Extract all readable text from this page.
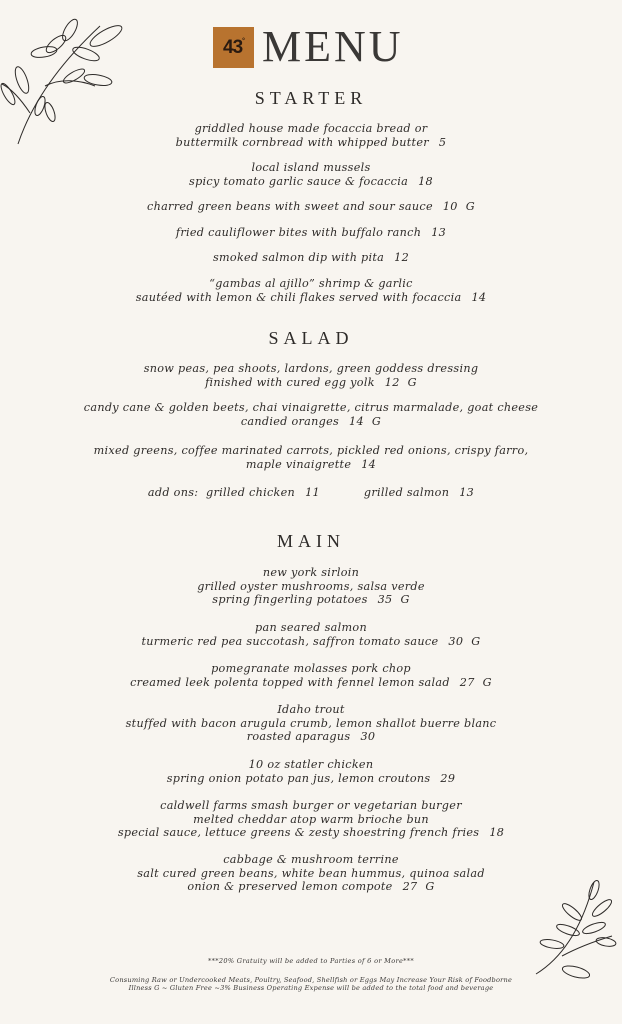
43° MENU
STARTER
SALAD
MAIN
griddled house made focaccia bread or
buttermilk cornbread with whipped butter 5
local island mussels
spicy tomato garlic sauce & focaccia 18
charred green beans with sweet and sour sauce 10 G
fried cauliflower bites with buffalo ranch 13
smoked salmon dip with pita 12
“gambas al ajillo” shrimp & garlic
sautéed with lemon & chili flakes served with focaccia 14
snow peas, pea shoots, lardons, green goddess dressing
finished with cured egg yolk 12 G
candy cane & golden beets, chai vinaigrette, citrus marmalade, goat cheese
candied oranges 14 G
mixed greens, coffee marinated carrots, pickled red onions, crispy farro,
maple vinaigrette 14
add ons: grilled chicken 11	grilled salmon 13
new york sirloin
grilled oyster mushrooms, salsa verde
spring fingerling potatoes 35 G
pan seared salmon
turmeric red pea succotash, saffron tomato sauce 30 G
pomegranate molasses pork chop
creamed leek polenta topped with fennel lemon salad 27 G
Idaho trout
stuffed with bacon arugula crumb, lemon shallot buerre blanc
roasted aparagus 30
10 oz statler chicken
spring onion potato pan jus, lemon croutons 29
caldwell farms smash burger or vegetarian burger
melted cheddar atop warm brioche bun
special sauce, lettuce greens & zesty shoestring french fries 18
cabbage & mushroom terrine
salt cured green beans, white bean hummus, quinoa salad
onion & preserved lemon compote 27 G
***20% Gratuity will be added to Parties of 6 or More***
Consuming Raw or Undercooked Meats, Poultry, Seafood, Shellfish or Eggs May Increase Your Risk of Foodborne
Illness G ~ Gluten Free ~3% Business Operating Expense will be added to the total food and beverage
